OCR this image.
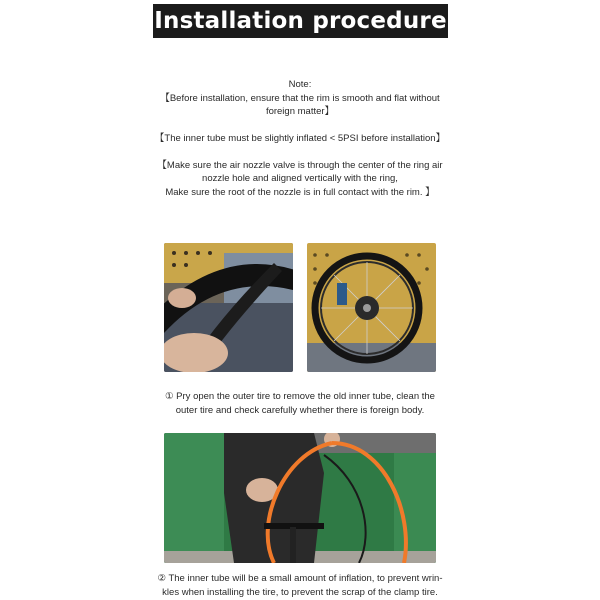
Installation procedure
Note:
【Before installation, ensure that the rim is smooth and flat without
foreign matter】
【The inner tube must be slightly inflated < 5PSI before installation】
【Make sure the air nozzle valve is through the center of the ring air
nozzle hole and aligned vertically with the ring,
Make sure the root of the nozzle is in full contact with the rim. 】
① Pry open the outer tire to remove the old inner tube, clean the
outer tire and check carefully whether there is foreign body.
② The inner tube will be a small amount of inflation, to prevent wrin-
kles when installing the tire, to prevent the scrap of the clamp tire.
